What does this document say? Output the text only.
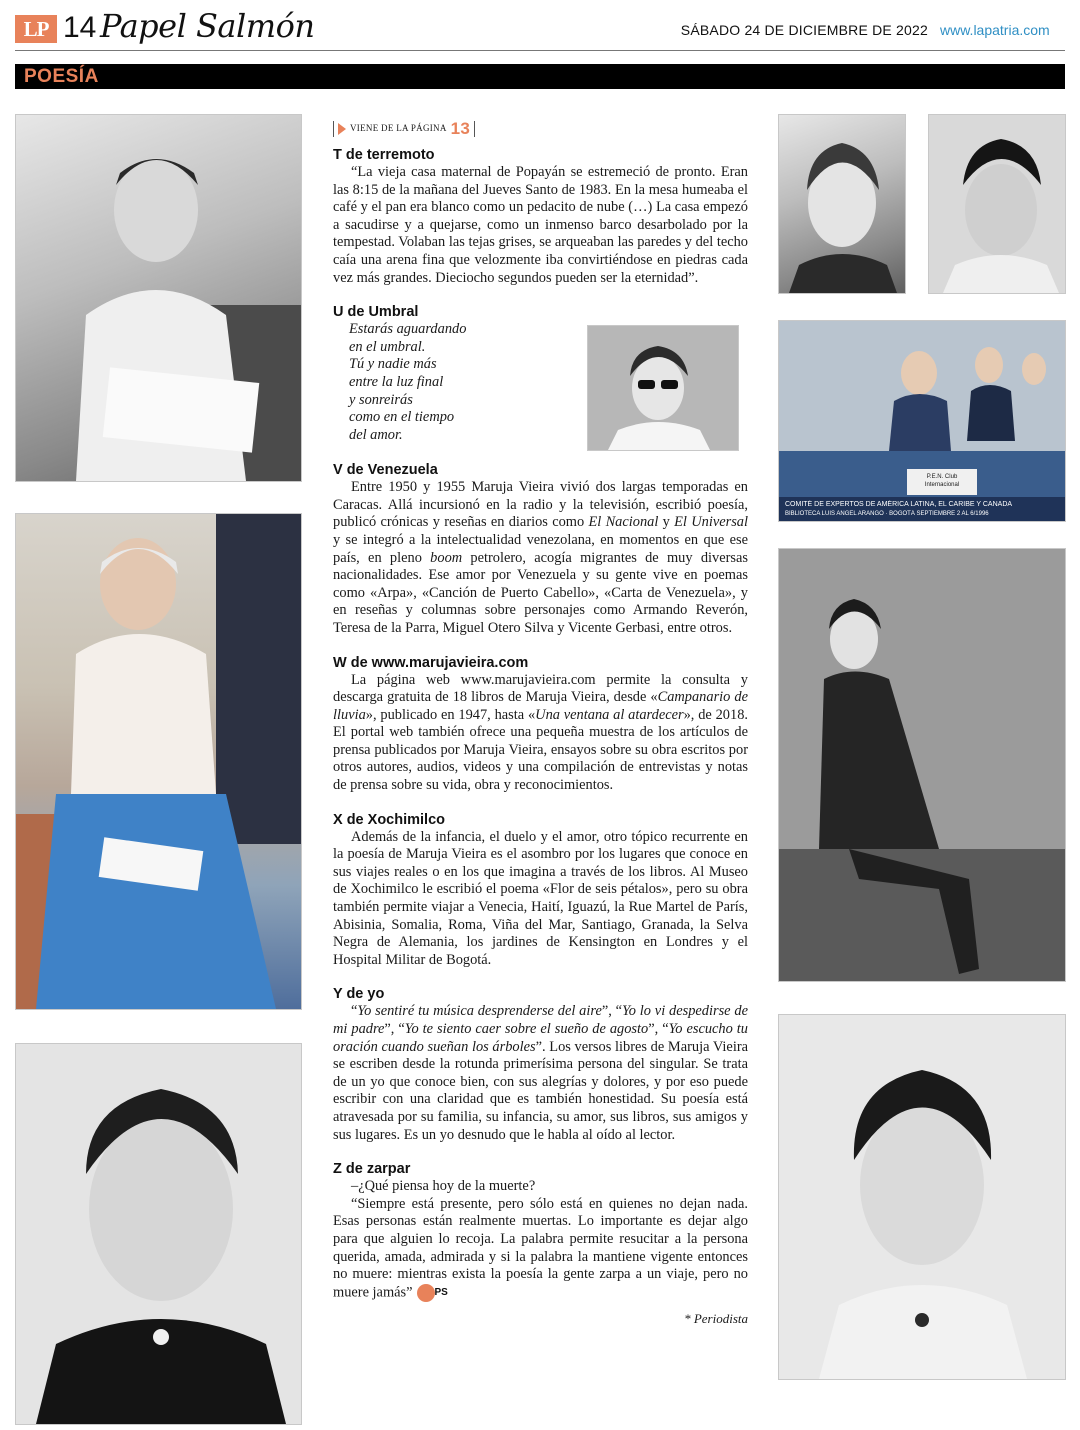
LP 14 Papel Salmón	SÁBADO 24 DE DICIEMBRE DE 2022 www.lapatria.com
POESÍA
P.E.N. Club Internacional
COMITÉ DE EXPERTOS DE AMÉRICA LATINA, EL CARIBE Y CANADA
BIBLIOTECA LUIS ANGEL ARANGO · BOGOTÁ SEPTIEMBRE 2 AL 6/1996
VIENE DE LA PÁGINA 13
T de terremoto

“La vieja casa maternal de Popayán se estremeció de pronto. Eran las 8:15 de la mañana del Jueves Santo de 1983. En la mesa humeaba el café y el pan era blanco como un pedacito de nube (…) La casa empezó a sacudirse y a quejarse, como un inmenso barco desarbolado por la tempestad. Volaban las tejas grises, se arqueaban las paredes y del techo caía una arena fina que velozmente iba convirtiéndose en piedras cada vez más grandes. Dieciocho segundos pueden ser la eternidad”.

U de Umbral
Estarás aguardando
en el umbral.
Tú y nadie más
entre la luz final
y sonreirás
como en el tiempo
del amor.
V de Venezuela

Entre 1950 y 1955 Maruja Vieira vivió dos largas temporadas en Caracas. Allá incursionó en la radio y la televisión, escribió poesía, publicó crónicas y reseñas en diarios como El Nacional y El Universal y se integró a la intelectualidad venezolana, en momentos en que ese país, en pleno boom petrolero, acogía migrantes de muy diversas nacionalidades. Ese amor por Venezuela y su gente vive en poemas como «Arpa», «Canción de Puerto Cabello», «Carta de Venezuela», y en reseñas y columnas sobre personajes como Armando Reverón, Teresa de la Parra, Miguel Otero Silva y Vicente Gerbasi, entre otros.

W de www.marujavieira.com

La página web www.marujavieira.com permite la consulta y descarga gratuita de 18 libros de Maruja Vieira, desde «Campanario de lluvia», publicado en 1947, hasta «Una ventana al atardecer», de 2018. El portal web también ofrece una pequeña muestra de los artículos de prensa publicados por Maruja Vieira, ensayos sobre su obra escritos por otros autores, audios, videos y una compilación de entrevistas y notas de prensa sobre su vida, obra y reconocimientos.

X de Xochimilco

Además de la infancia, el duelo y el amor, otro tópico recurrente en la poesía de Maruja Vieira es el asombro por los lugares que conoce en sus viajes reales o en los que imagina a través de los libros. Al Museo de Xochimilco le escribió el poema «Flor de seis pétalos», pero su obra también permite viajar a Venecia, Haití, Iguazú, la Rue Martel de París, Abisinia, Somalia, Roma, Viña del Mar, Santiago, Granada, la Selva Negra de Alemania, los jardines de Kensington en Londres y el Hospital Militar de Bogotá.

Y de yo

“Yo sentiré tu música desprenderse del aire”, “Yo lo vi despedirse de mi padre”, “Yo te siento caer sobre el sueño de agosto”, “Yo escucho tu oración cuando sueñan los árboles”. Los versos libres de Maruja Vieira se escriben desde la rotunda primerísima persona del singular. Se trata de un yo que conoce bien, con sus alegrías y dolores, y por eso puede escribir con una claridad que es también honestidad. Su poesía está atravesada por su familia, su infancia, su amor, sus libros, sus amigos y sus lugares. Es un yo desnudo que le habla al oído al lector.

Z de zarpar

–¿Qué piensa hoy de la muerte?

“Siempre está presente, pero sólo está en quienes no dejan nada. Esas personas están realmente muertas. Lo importante es dejar algo para que alguien lo recoja. La palabra permite resucitar a la persona querida, amada, admirada y si la palabra la mantiene vigente entonces no muere: mientras exista la poesía la gente zarpa a un viaje, pero no muere jamás” PS

* Periodista
